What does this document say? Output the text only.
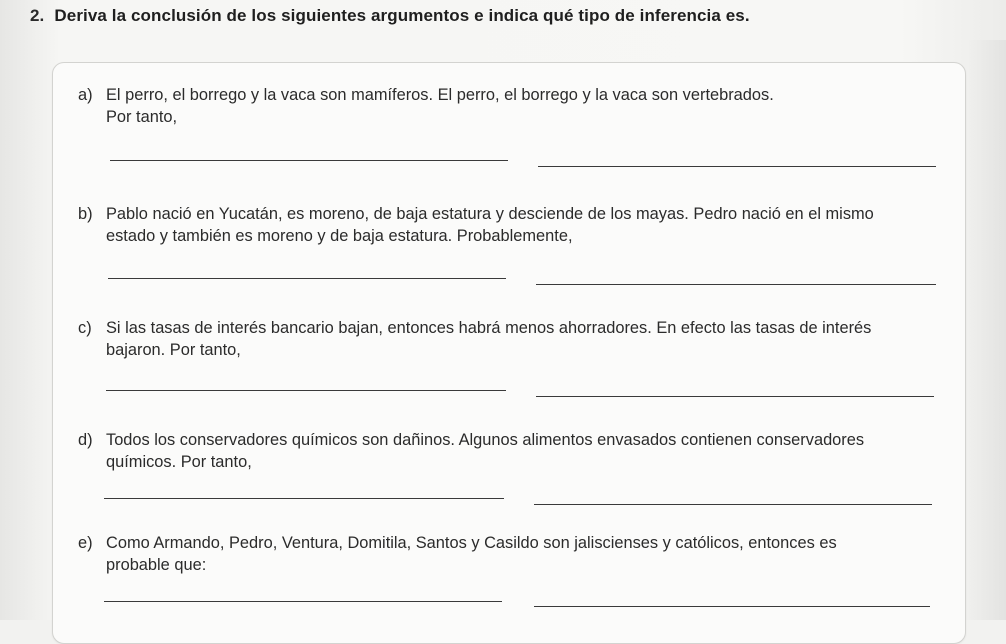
2. Deriva la conclusión de los siguientes argumentos e indica qué tipo de inferencia es.
a) El perro, el borrego y la vaca son mamíferos. El perro, el borrego y la vaca son vertebrados.
Por tanto,
b) Pablo nació en Yucatán, es moreno, de baja estatura y desciende de los mayas. Pedro nació en el mismo
estado y también es moreno y de baja estatura. Probablemente,
c) Si las tasas de interés bancario bajan, entonces habrá menos ahorradores. En efecto las tasas de interés
bajaron. Por tanto,
d) Todos los conservadores químicos son dañinos. Algunos alimentos envasados contienen conservadores
químicos. Por tanto,
e) Como Armando, Pedro, Ventura, Domitila, Santos y Casildo son jaliscienses y católicos, entonces es
probable que:
